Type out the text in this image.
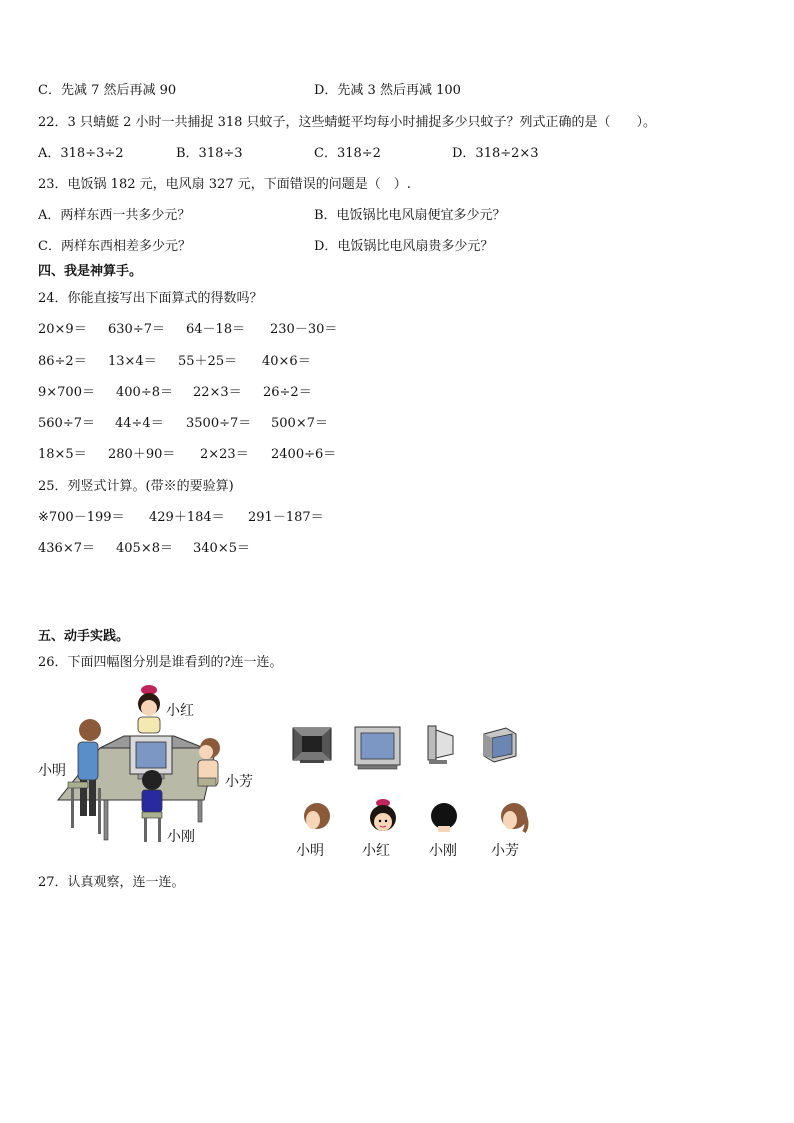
C．先减 7 然后再减 90	D．先减 3 然后再减 100
22．3 只蜻蜓 2 小时一共捕捉 318 只蚊子，这些蜻蜓平均每小时捕捉多少只蚊子？列式正确的是（　　）。
A．318÷3÷2	B．318÷3	C．318÷2	D．318÷2×3
23．电饭锅 182 元，电风扇 327 元，下面错误的问题是（　）.
A．两样东西一共多少元？	B．电饭锅比电风扇便宜多少元？
C．两样东西相差多少元？	D．电饭锅比电风扇贵多少元？
四、我是神算手。
24．你能直接写出下面算式的得数吗？
20×9＝ 630÷7＝ 64－18＝ 230－30＝
86÷2＝ 13×4＝ 55＋25＝ 40×6＝
9×700＝ 400÷8＝ 22×3＝ 26÷2＝
560÷7＝ 44÷4＝ 3500÷7＝ 500×7＝
18×5＝ 280＋90＝ 2×23＝ 2400÷6＝
25．列竖式计算。(带※的要验算)
※700－199＝ 429＋184＝ 291－187＝
436×7＝ 405×8＝ 340×5＝
五、动手实践。
26．下面四幅图分别是谁看到的?连一连。
小红
小明
小芳
小刚
小明	小红	小刚 小芳
27．认真观察，连一连。
